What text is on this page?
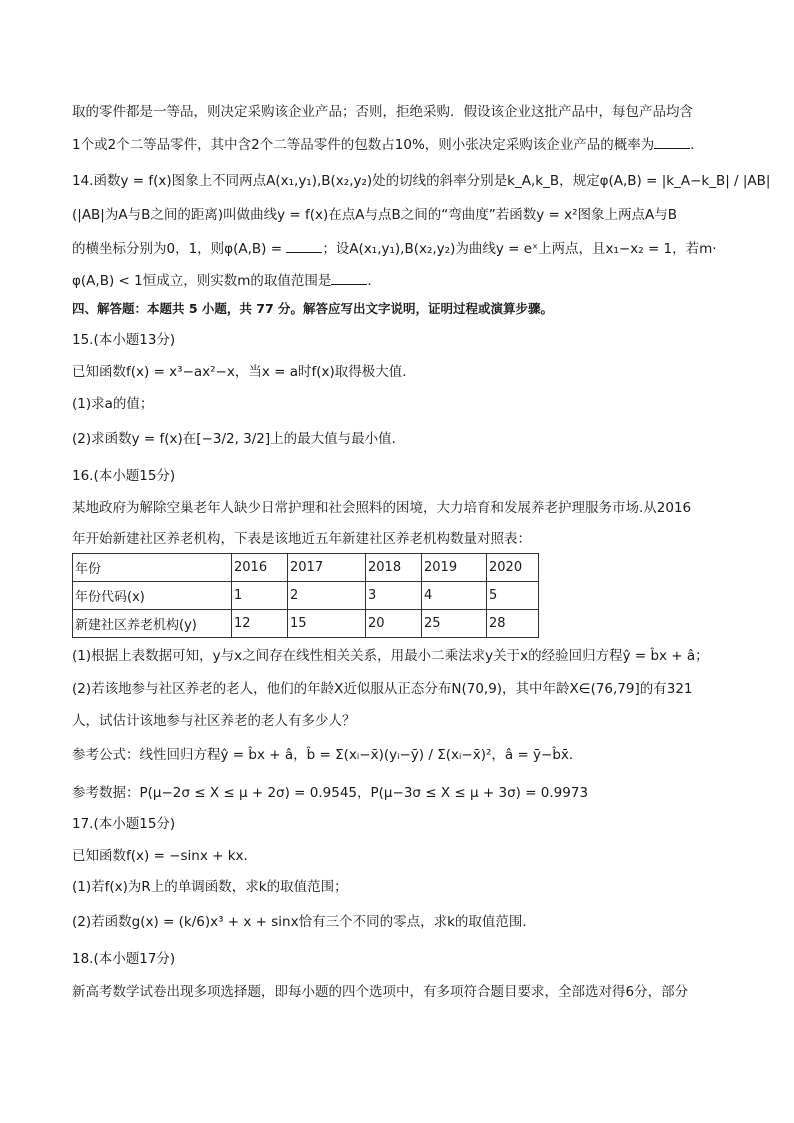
取的零件都是一等品，则决定采购该企业产品；否则，拒绝采购．假设该企业这批产品中，每包产品均含
1个或2个二等品零件，其中含2个二等品零件的包数占10%，则小张决定采购该企业产品的概率为	．
14.函数y = f(x)图象上不同两点A(x₁,y₁),B(x₂,y₂)处的切线的斜率分别是k_A,k_B，规定φ(A,B) = |k_A−k_B| / |AB|
(|AB|为A与B之间的距离)叫做曲线y = f(x)在点A与点B之间的“弯曲度”若函数y = x²图象上两点A与B
的横坐标分别为0，1，则φ(A,B) =	；设A(x₁,y₁),B(x₂,y₂)为曲线y = eˣ上两点，且x₁−x₂ = 1，若m·
φ(A,B) < 1恒成立，则实数m的取值范围是	．
四、解答题：本题共 5 小题，共 77 分。解答应写出文字说明，证明过程或演算步骤。
15.(本小题13分)
已知函数f(x) = x³−ax²−x，当x = a时f(x)取得极大值．
(1)求a的值；
(2)求函数y = f(x)在[−3/2, 3/2]上的最大值与最小值．
16.(本小题15分)
某地政府为解除空巢老年人缺少日常护理和社会照料的困境，大力培育和发展养老护理服务市场.从2016
年开始新建社区养老机构，下表是该地近五年新建社区养老机构数量对照表：
年份	2016	2017	2018	2019	2020
年份代码(x)	1	2	3	4	5
新建社区养老机构(y)	12	15	20	25	28
(1)根据上表数据可知，y与x之间存在线性相关关系，用最小二乘法求y关于x的经验回归方程ŷ = b̂x + â；
(2)若该地参与社区养老的老人，他们的年龄X近似服从正态分布N(70,9)，其中年龄X∈(76,79]的有321
人，试估计该地参与社区养老的老人有多少人？
参考公式：线性回归方程ŷ = b̂x + â，b̂ = Σ(xᵢ−x̄)(yᵢ−ȳ) / Σ(xᵢ−x̄)²，â = ȳ−b̂x̄．
参考数据：P(μ−2σ ≤ X ≤ μ + 2σ) = 0.9545，P(μ−3σ ≤ X ≤ μ + 3σ) = 0.9973
17.(本小题15分)
已知函数f(x) = −sinx + kx．
(1)若f(x)为R上的单调函数，求k的取值范围；
(2)若函数g(x) = (k/6)x³ + x + sinx恰有三个不同的零点，求k的取值范围．
18.(本小题17分)
新高考数学试卷出现多项选择题，即每小题的四个选项中，有多项符合题目要求，全部选对得6分，部分
